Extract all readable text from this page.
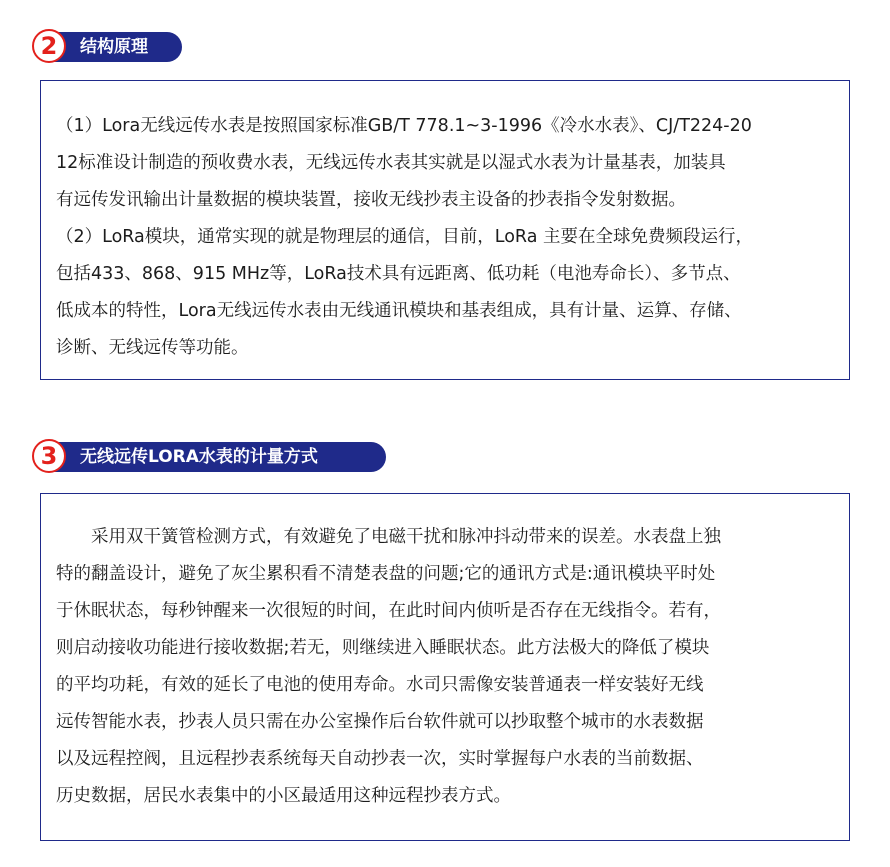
2	结构原理

（1）Lora无线远传水表是按照国家标准GB/T 778.1~3-1996《冷水水表》、CJ/T224-20

12标准设计制造的预收费水表，无线远传水表其实就是以湿式水表为计量基表，加装具

有远传发讯输出计量数据的模块装置，接收无线抄表主设备的抄表指令发射数据。

（2）LoRa模块，通常实现的就是物理层的通信，目前，LoRa 主要在全球免费频段运行，

包括433、868、915 MHz等，LoRa技术具有远距离、低功耗（电池寿命长）、多节点、

低成本的特性，Lora无线远传水表由无线通讯模块和基表组成，具有计量、运算、存储、

诊断、无线远传等功能。

3	无线远传LORA水表的计量方式

采用双干簧管检测方式，有效避免了电磁干扰和脉冲抖动带来的误差。水表盘上独

特的翻盖设计，避免了灰尘累积看不清楚表盘的问题;它的通讯方式是:通讯模块平时处

于休眠状态，每秒钟醒来一次很短的时间，在此时间内侦听是否存在无线指令。若有，

则启动接收功能进行接收数据;若无，则继续进入睡眠状态。此方法极大的降低了模块

的平均功耗，有效的延长了电池的使用寿命。水司只需像安装普通表一样安装好无线

远传智能水表，抄表人员只需在办公室操作后台软件就可以抄取整个城市的水表数据

以及远程控阀，且远程抄表系统每天自动抄表一次，实时掌握每户水表的当前数据、

历史数据，居民水表集中的小区最适用这种远程抄表方式。
